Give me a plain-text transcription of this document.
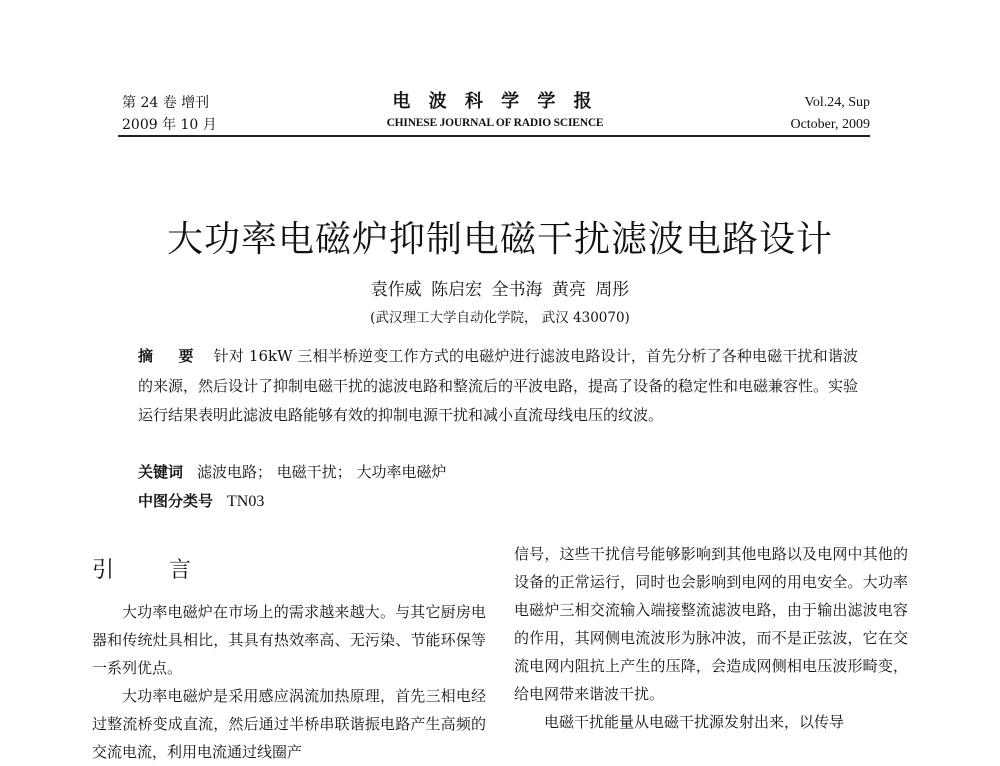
第 24 卷 增刊
2009 年 10 月
电 波 科 学 学 报
CHINESE JOURNAL OF RADIO SCIENCE
Vol.24, Sup
October, 2009
大功率电磁炉抑制电磁干扰滤波电路设计
袁作威 陈启宏 全书海 黄亮 周彤
(武汉理工大学自动化学院， 武汉 430070)
摘 要 针对 16kW 三相半桥逆变工作方式的电磁炉进行滤波电路设计，首先分析了各种电磁干扰和谐波的来源，然后设计了抑制电磁干扰的滤波电路和整流后的平波电路，提高了设备的稳定性和电磁兼容性。实验运行结果表明此滤波电路能够有效的抑制电源干扰和减小直流母线电压的纹波。
关键词 滤波电路； 电磁干扰； 大功率电磁炉
中图分类号 TN03
引 言

大功率电磁炉在市场上的需求越来越大。与其它厨房电器和传统灶具相比，其具有热效率高、无污染、节能环保等一系列优点。

大功率电磁炉是采用感应涡流加热原理，首先三相电经过整流桥变成直流，然后通过半桥串联谐振电路产生高频的交流电流，利用电流通过线圈产

信号，这些干扰信号能够影响到其他电路以及电网中其他的设备的正常运行，同时也会影响到电网的用电安全。大功率电磁炉三相交流输入端接整流滤波电路，由于输出滤波电容的作用，其网侧电流波形为脉冲波，而不是正弦波，它在交流电网内阻抗上产生的压降，会造成网侧相电压波形畸变，给电网带来谐波干扰。

电磁干扰能量从电磁干扰源发射出来，以传导
